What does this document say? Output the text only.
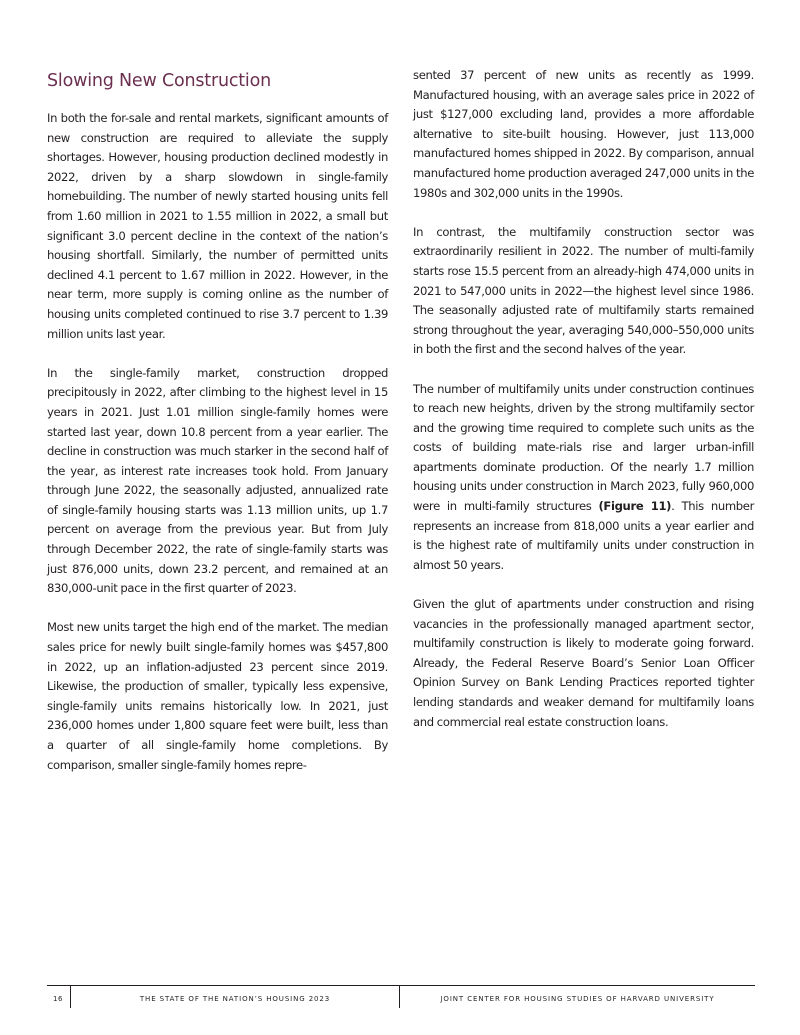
Slowing New Construction

In both the for-sale and rental markets, significant amounts of new construction are required to alleviate the supply shortages. However, housing production declined modestly in 2022, driven by a sharp slowdown in single-family homebuilding. The number of newly started housing units fell from 1.60 million in 2021 to 1.55 million in 2022, a small but significant 3.0 percent decline in the context of the nation’s housing shortfall. Similarly, the number of permitted units declined 4.1 percent to 1.67 million in 2022. However, in the near term, more supply is coming online as the number of housing units completed continued to rise 3.7 percent to 1.39 million units last year.

In the single-family market, construction dropped precipitously in 2022, after climbing to the highest level in 15 years in 2021. Just 1.01 million single-family homes were started last year, down 10.8 percent from a year earlier. The decline in construction was much starker in the second half of the year, as interest rate increases took hold. From January through June 2022, the seasonally adjusted, annualized rate of single-family housing starts was 1.13 million units, up 1.7 percent on average from the previous year. But from July through December 2022, the rate of single-family starts was just 876,000 units, down 23.2 percent, and remained at an 830,000-unit pace in the first quarter of 2023.

Most new units target the high end of the market. The median sales price for newly built single-family homes was $457,800 in 2022, up an inflation-adjusted 23 percent since 2019. Likewise, the production of smaller, typically less expensive, single-family units remains historically low. In 2021, just 236,000 homes under 1,800 square feet were built, less than a quarter of all single-family home completions. By comparison, smaller single-family homes repre-

sented 37 percent of new units as recently as 1999. Manufactured housing, with an average sales price in 2022 of just $127,000 excluding land, provides a more affordable alternative to site-built housing. However, just 113,000 manufactured homes shipped in 2022. By comparison, annual manufactured home production averaged 247,000 units in the 1980s and 302,000 units in the 1990s.

In contrast, the multifamily construction sector was extraordinarily resilient in 2022. The number of multi-family starts rose 15.5 percent from an already-high 474,000 units in 2021 to 547,000 units in 2022—the highest level since 1986. The seasonally adjusted rate of multifamily starts remained strong throughout the year, averaging 540,000–550,000 units in both the first and the second halves of the year.

The number of multifamily units under construction continues to reach new heights, driven by the strong multifamily sector and the growing time required to complete such units as the costs of building mate-rials rise and larger urban-infill apartments dominate production. Of the nearly 1.7 million housing units under construction in March 2023, fully 960,000 were in multi-family structures (Figure 11). This number represents an increase from 818,000 units a year earlier and is the highest rate of multifamily units under construction in almost 50 years.

Given the glut of apartments under construction and rising vacancies in the professionally managed apartment sector, multifamily construction is likely to moderate going forward. Already, the Federal Reserve Board’s Senior Loan Officer Opinion Survey on Bank Lending Practices reported tighter lending standards and weaker demand for multifamily loans and commercial real estate construction loans.

16	THE STATE OF THE NATION’S HOUSING 2023	JOINT CENTER FOR HOUSING STUDIES OF HARVARD UNIVERSITY
